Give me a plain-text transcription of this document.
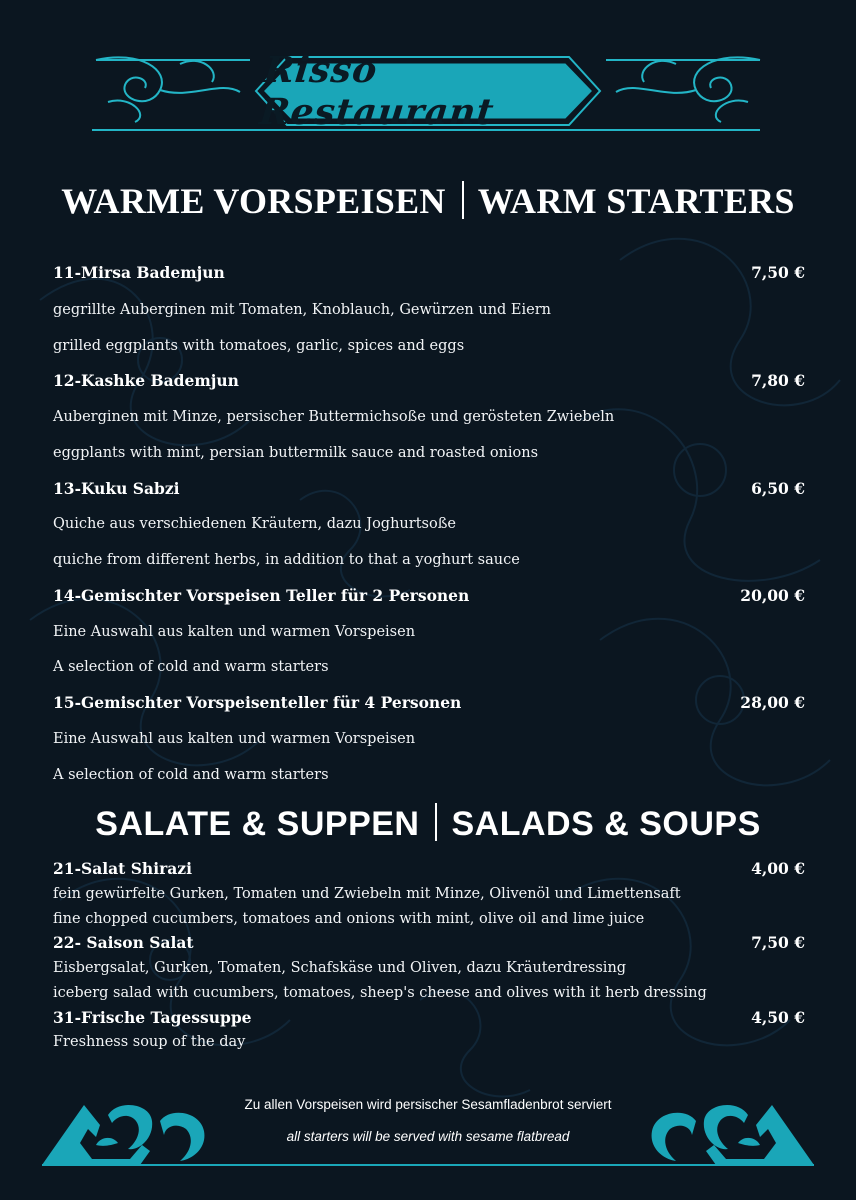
Risso Restaurant
WARME VORSPEISEN WARM STARTERS
11-Mirsa Bademjun	7,50 €
gegrillte Auberginen mit Tomaten, Knoblauch, Gewürzen und Eiern
grilled eggplants with tomatoes, garlic, spices and eggs
12-Kashke Bademjun	7,80 €
Auberginen mit Minze, persischer Buttermichsoße und gerösteten Zwiebeln
eggplants with mint, persian buttermilk sauce and roasted onions
13-Kuku Sabzi	6,50 €
Quiche aus verschiedenen Kräutern, dazu Joghurtsoße
quiche from different herbs, in addition to that a yoghurt sauce
14-Gemischter Vorspeisen Teller für 2 Personen	20,00 €
Eine Auswahl aus kalten und warmen Vorspeisen
A selection of cold and warm starters
15-Gemischter Vorspeisenteller für 4 Personen	28,00 €
Eine Auswahl aus kalten und warmen Vorspeisen
A selection of cold and warm starters
SALATE & SUPPEN SALADS & SOUPS
21-Salat Shirazi	4,00 €
fein gewürfelte Gurken, Tomaten und Zwiebeln mit Minze, Olivenöl und Limettensaft
fine chopped cucumbers, tomatoes and onions with mint, olive oil and lime juice
22- Saison Salat	7,50 €
Eisbergsalat, Gurken, Tomaten, Schafskäse und Oliven, dazu Kräuterdressing
iceberg salad with cucumbers, tomatoes, sheep's cheese and olives with it herb dressing
31-Frische Tagessuppe	4,50 €
Freshness soup of the day
Zu allen Vorspeisen wird persischer Sesamfladenbrot serviert
all starters will be served with sesame flatbread
